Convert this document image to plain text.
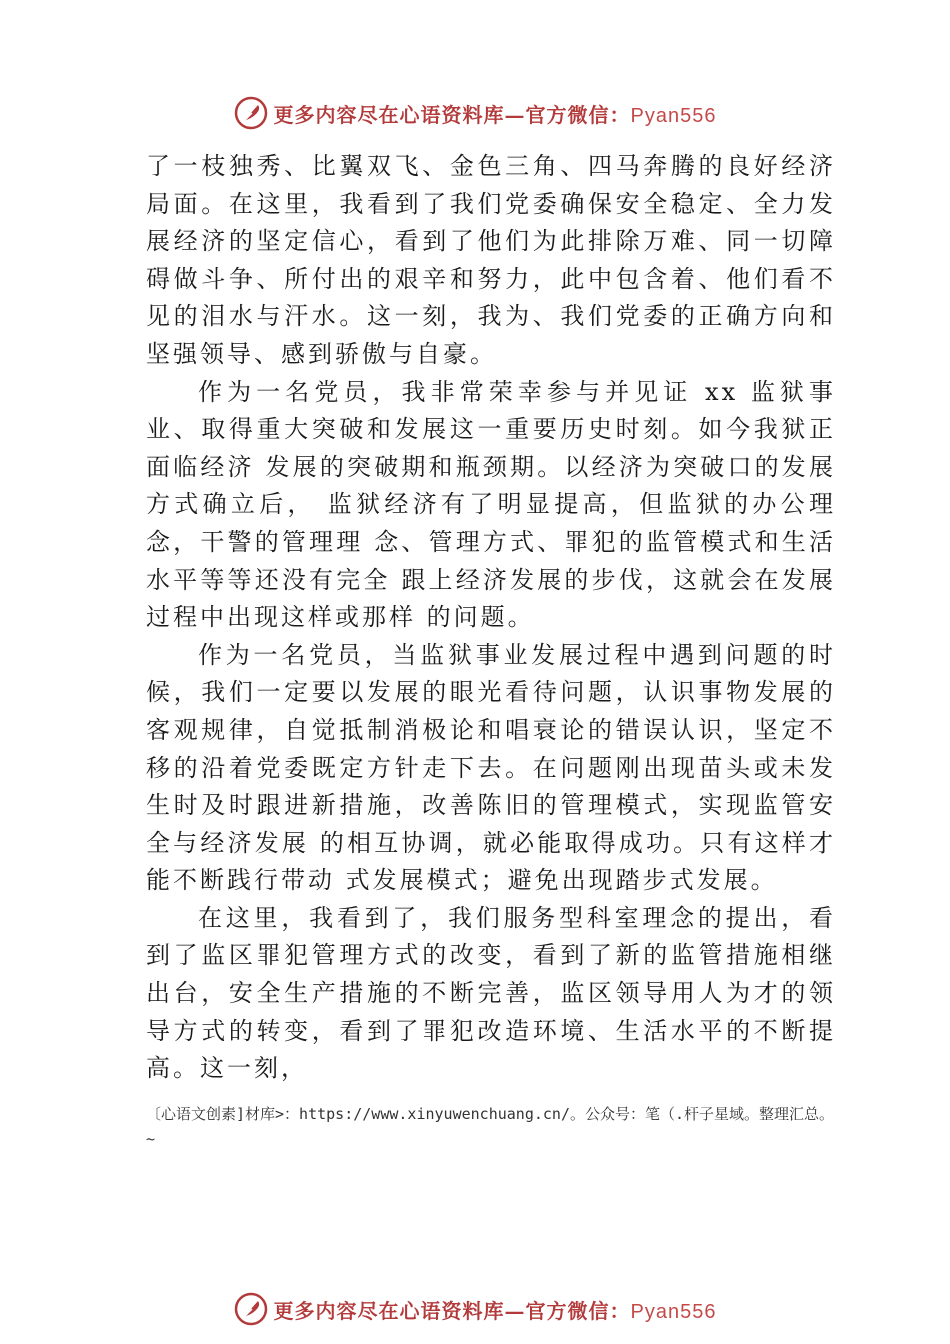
更多内容尽在心语资料库—官方微信：Pyan556

了一枝独秀、比翼双飞、金色三角、四马奔腾的良好经济局面。在这里，我看到了我们党委确保安全稳定、全力发展经济的坚定信心，看到了他们为此排除万难、同一切障碍做斗争、所付出的艰辛和努力，此中包含着、他们看不见的泪水与汗水。这一刻，我为、我们党委的正确方向和坚强领导、感到骄傲与自豪。

作为一名党员，我非常荣幸参与并见证 xx 监狱事业、取得重大突破和发展这一重要历史时刻。如今我狱正面临经济 发展的突破期和瓶颈期。以经济为突破口的发展方式确立后， 监狱经济有了明显提高，但监狱的办公理念，干警的管理理 念、管理方式、罪犯的监管模式和生活水平等等还没有完全 跟上经济发展的步伐，这就会在发展过程中出现这样或那样 的问题。

作为一名党员，当监狱事业发展过程中遇到问题的时候，我们一定要以发展的眼光看待问题，认识事物发展的客观规律，自觉抵制消极论和唱衰论的错误认识，坚定不移的沿着党委既定方针走下去。在问题刚出现苗头或未发生时及时跟进新措施，改善陈旧的管理模式，实现监管安全与经济发展 的相互协调，就必能取得成功。只有这样才能不断践行带动 式发展模式；避免出现踏步式发展。

在这里，我看到了，我们服务型科室理念的提出，看到了监区罪犯管理方式的改变，看到了新的监管措施相继出台，安全生产措施的不断完善，监区领导用人为才的领导方式的转变，看到了罪犯改造环境、生活水平的不断提高。这一刻，

〔心语文创素]材库>：https://www.xinyuwenchuang.cn/。公众号：笔（.杆子星域。整理汇总。~
更多内容尽在心语资料库—官方微信：Pyan556
